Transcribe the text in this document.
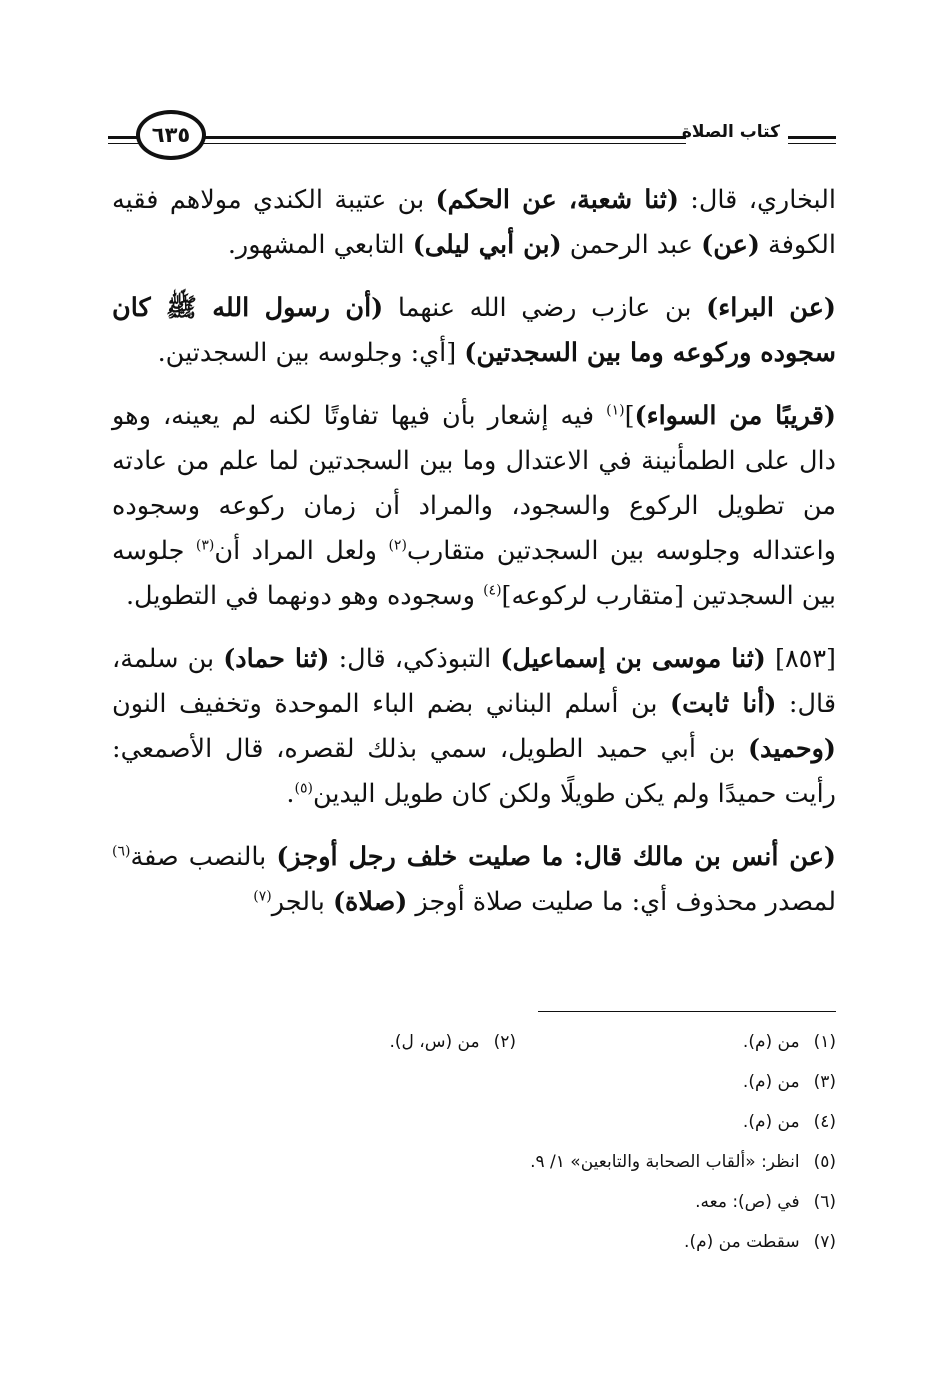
كتاب الصلاة
٦٣٥

البخاري، قال: (ثنا شعبة، عن الحكم) بن عتيبة الكندي مولاهم فقيه الكوفة (عن) عبد الرحمن (بن أبي ليلى) التابعي المشهور.

(عن البراء) بن عازب رضي الله عنهما (أن رسول الله ﷺ كان سجوده وركوعه وما بين السجدتين) [أي: وجلوسه بين السجدتين.

(قريبًا من السواء)]$^{(١)}$ فيه إشعار بأن فيها تفاوتًا لكنه لم يعينه، وهو دال على الطمأنينة في الاعتدال وما بين السجدتين لما علم من عادته من تطويل الركوع والسجود، والمراد أن زمان ركوعه وسجوده واعتداله وجلوسه بين السجدتين متقارب$^{(٢)}$ ولعل المراد أن$^{(٣)}$ جلوسه بين السجدتين [متقارب لركوعه]$^{(٤)}$ وسجوده وهو دونهما في التطويل.

[٨٥٣] (ثنا موسى بن إسماعيل) التبوذكي، قال: (ثنا حماد) بن سلمة، قال: (أنا ثابت) بن أسلم البناني بضم الباء الموحدة وتخفيف النون (وحميد) بن أبي حميد الطويل، سمي بذلك لقصره، قال الأصمعي: رأيت حميدًا ولم يكن طويلًا ولكن كان طويل اليدين$^{(٥)}$.

(عن أنس بن مالك قال: ما صليت خلف رجل أوجز) بالنصب صفة$^{(٦)}$ لمصدر محذوف أي: ما صليت صلاة أوجز (صلاة) بالجر$^{(٧)}$

(١)من (م).
(٢)من (س، ل).
(٣)من (م).
(٤)من (م).
(٥)انظر: «ألقاب الصحابة والتابعين» ١/ ٩.
(٦)في (ص): معه.
(٧)سقطت من (م).
